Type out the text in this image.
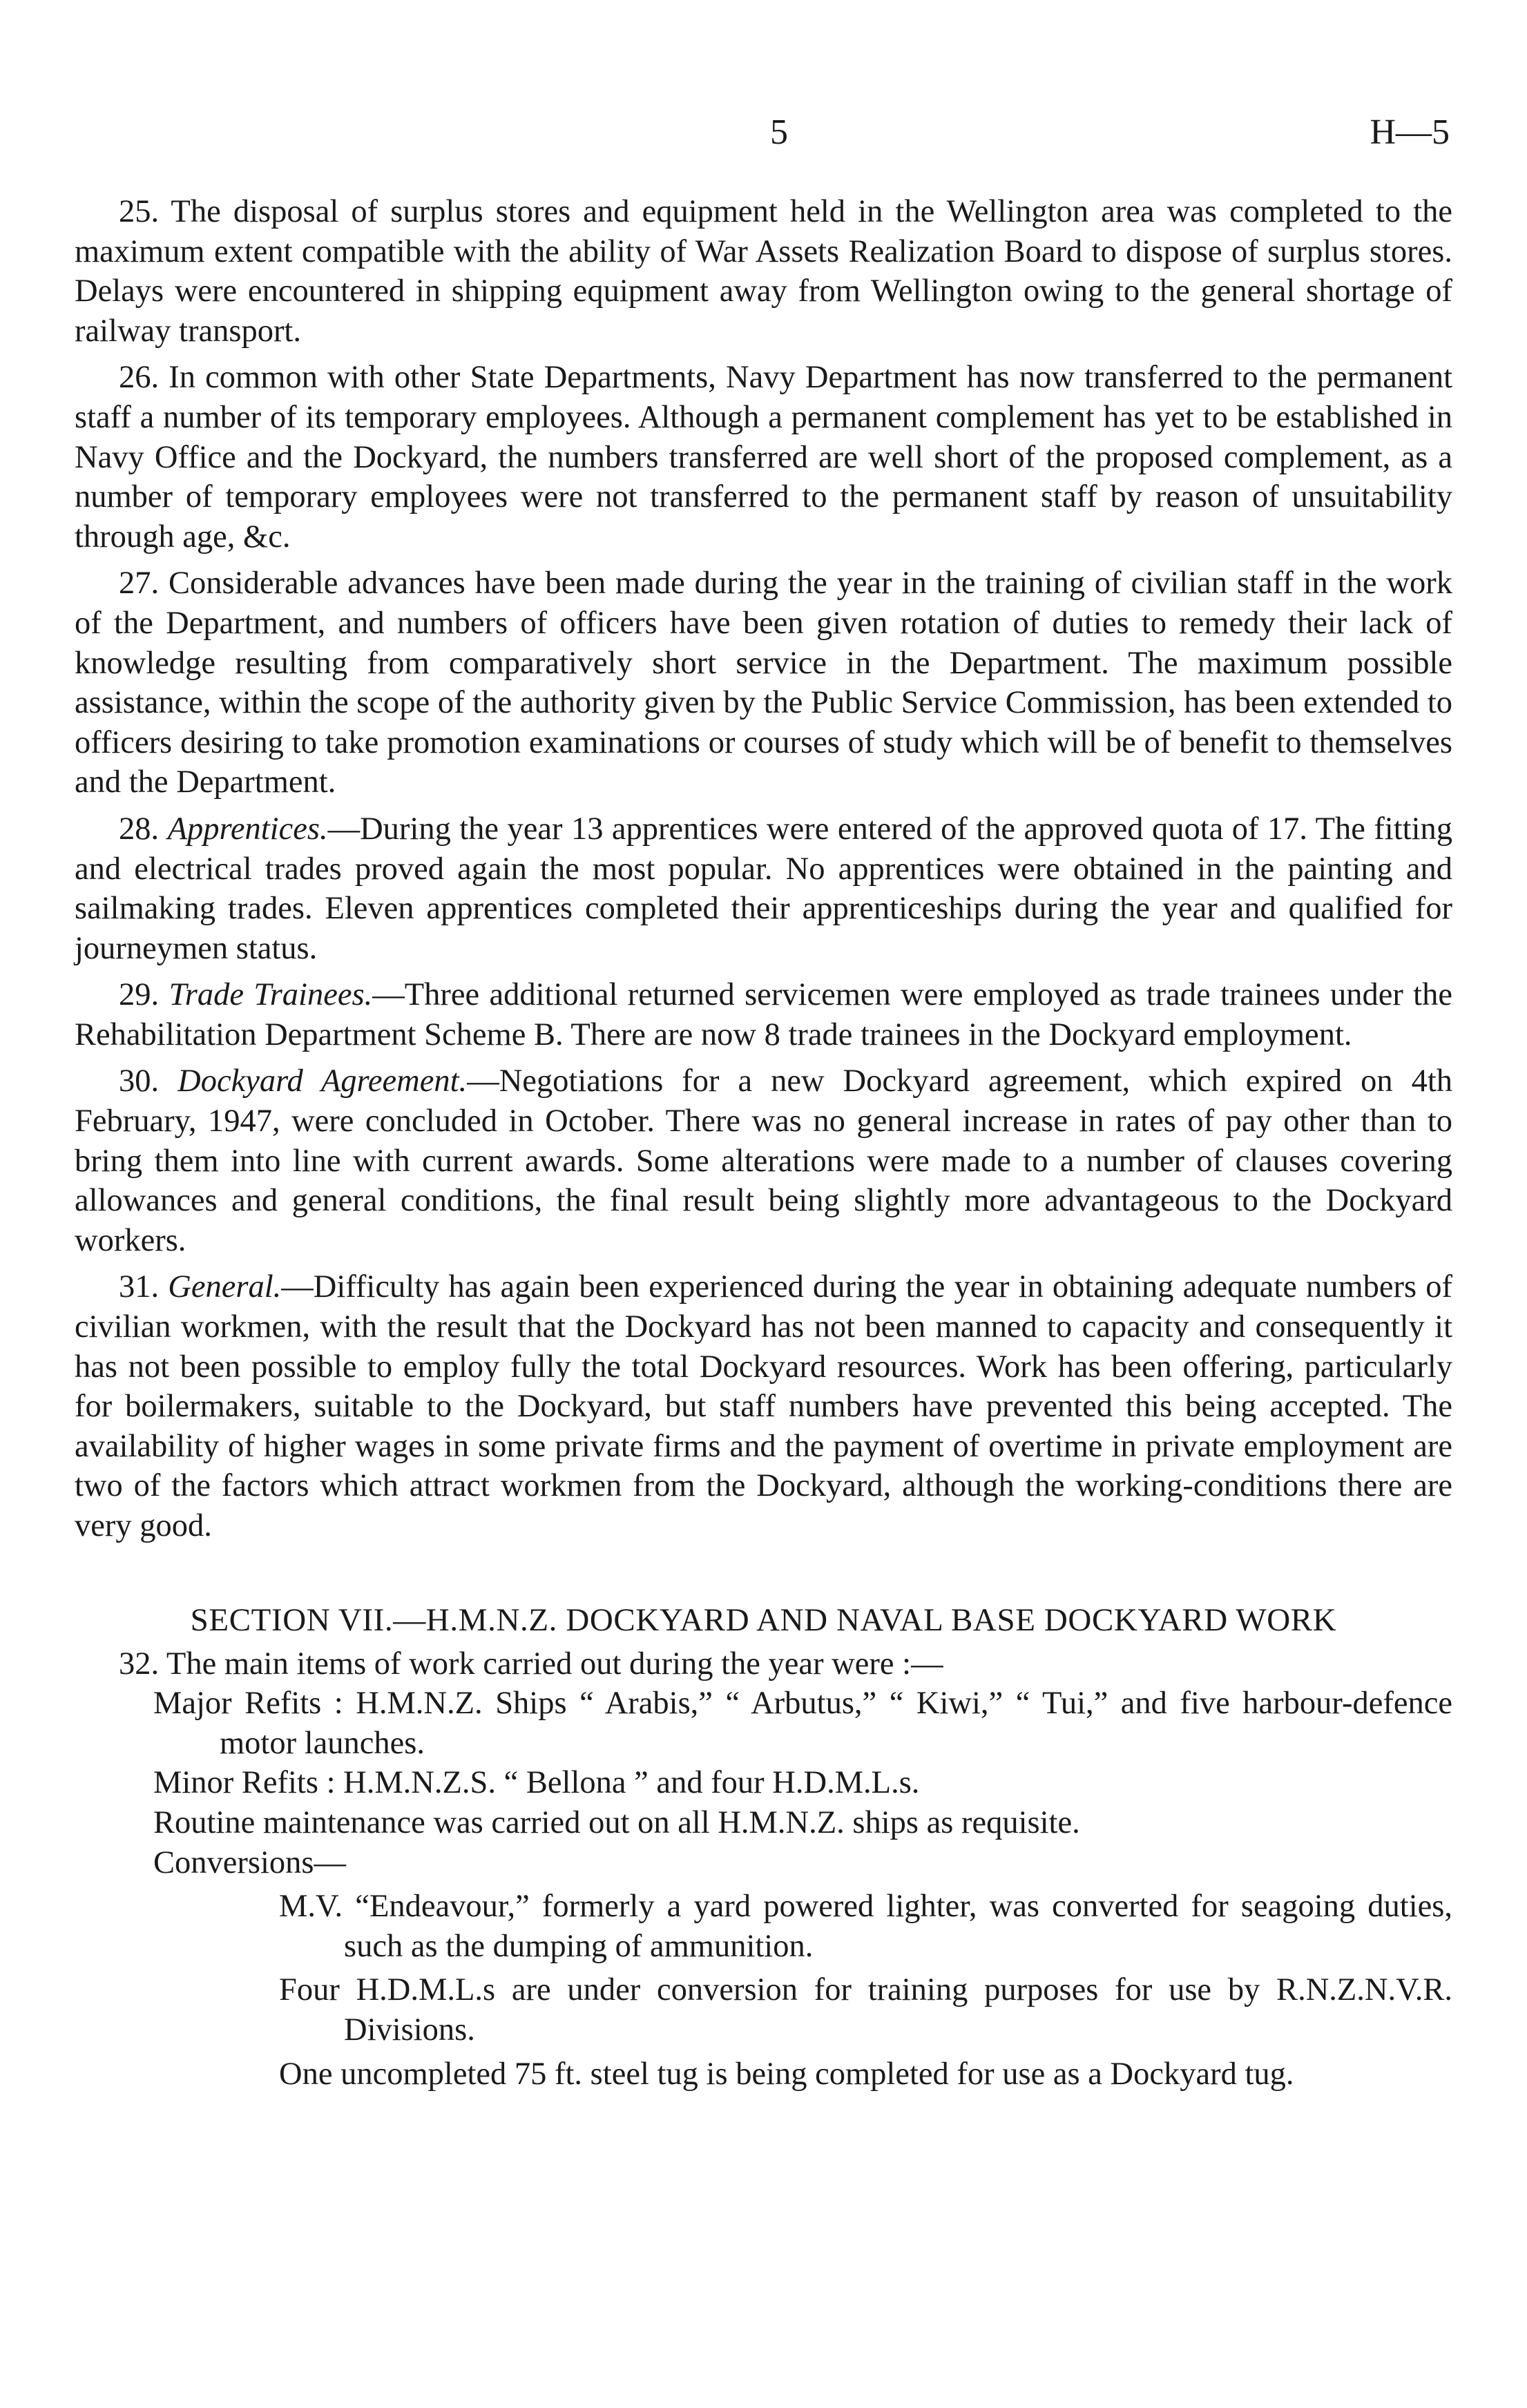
5	H—5

25. The disposal of surplus stores and equipment held in the Wellington area was completed to the maximum extent compatible with the ability of War Assets Realization Board to dispose of surplus stores. Delays were encountered in shipping equipment away from Wellington owing to the general shortage of railway transport.

26. In common with other State Departments, Navy Department has now transferred to the permanent staff a number of its temporary employees. Although a permanent complement has yet to be established in Navy Office and the Dockyard, the numbers transferred are well short of the proposed complement, as a number of temporary employees were not transferred to the permanent staff by reason of unsuitability through age, &c.

27. Considerable advances have been made during the year in the training of civilian staff in the work of the Department, and numbers of officers have been given rotation of duties to remedy their lack of knowledge resulting from comparatively short service in the Department. The maximum possible assistance, within the scope of the authority given by the Public Service Commission, has been extended to officers desiring to take promotion examinations or courses of study which will be of benefit to themselves and the Department.

28. Apprentices.—During the year 13 apprentices were entered of the approved quota of 17. The fitting and electrical trades proved again the most popular. No apprentices were obtained in the painting and sailmaking trades. Eleven apprentices completed their apprenticeships during the year and qualified for journeymen status.

29. Trade Trainees.—Three additional returned servicemen were employed as trade trainees under the Rehabilitation Department Scheme B. There are now 8 trade trainees in the Dockyard employment.

30. Dockyard Agreement.—Negotiations for a new Dockyard agreement, which expired on 4th February, 1947, were concluded in October. There was no general increase in rates of pay other than to bring them into line with current awards. Some alterations were made to a number of clauses covering allowances and general conditions, the final result being slightly more advantageous to the Dockyard workers.

31. General.—Difficulty has again been experienced during the year in obtaining adequate numbers of civilian workmen, with the result that the Dockyard has not been manned to capacity and consequently it has not been possible to employ fully the total Dockyard resources. Work has been offering, particularly for boilermakers, suitable to the Dockyard, but staff numbers have prevented this being accepted. The availability of higher wages in some private firms and the payment of overtime in private employment are two of the factors which attract workmen from the Dockyard, although the working-conditions there are very good.

SECTION VII.—H.M.N.Z. DOCKYARD AND NAVAL BASE DOCKYARD WORK

32. The main items of work carried out during the year were :—

Major Refits : H.M.N.Z. Ships “ Arabis,” “ Arbutus,” “ Kiwi,” “ Tui,” and five harbour-defence motor launches.

Minor Refits : H.M.N.Z.S. “ Bellona ” and four H.D.M.L.s.

Routine maintenance was carried out on all H.M.N.Z. ships as requisite.

Conversions—

M.V. “Endeavour,” formerly a yard powered lighter, was converted for seagoing duties, such as the dumping of ammunition.

Four H.D.M.L.s are under conversion for training purposes for use by R.N.Z.N.V.R. Divisions.

One uncompleted 75 ft. steel tug is being completed for use as a Dockyard tug.
